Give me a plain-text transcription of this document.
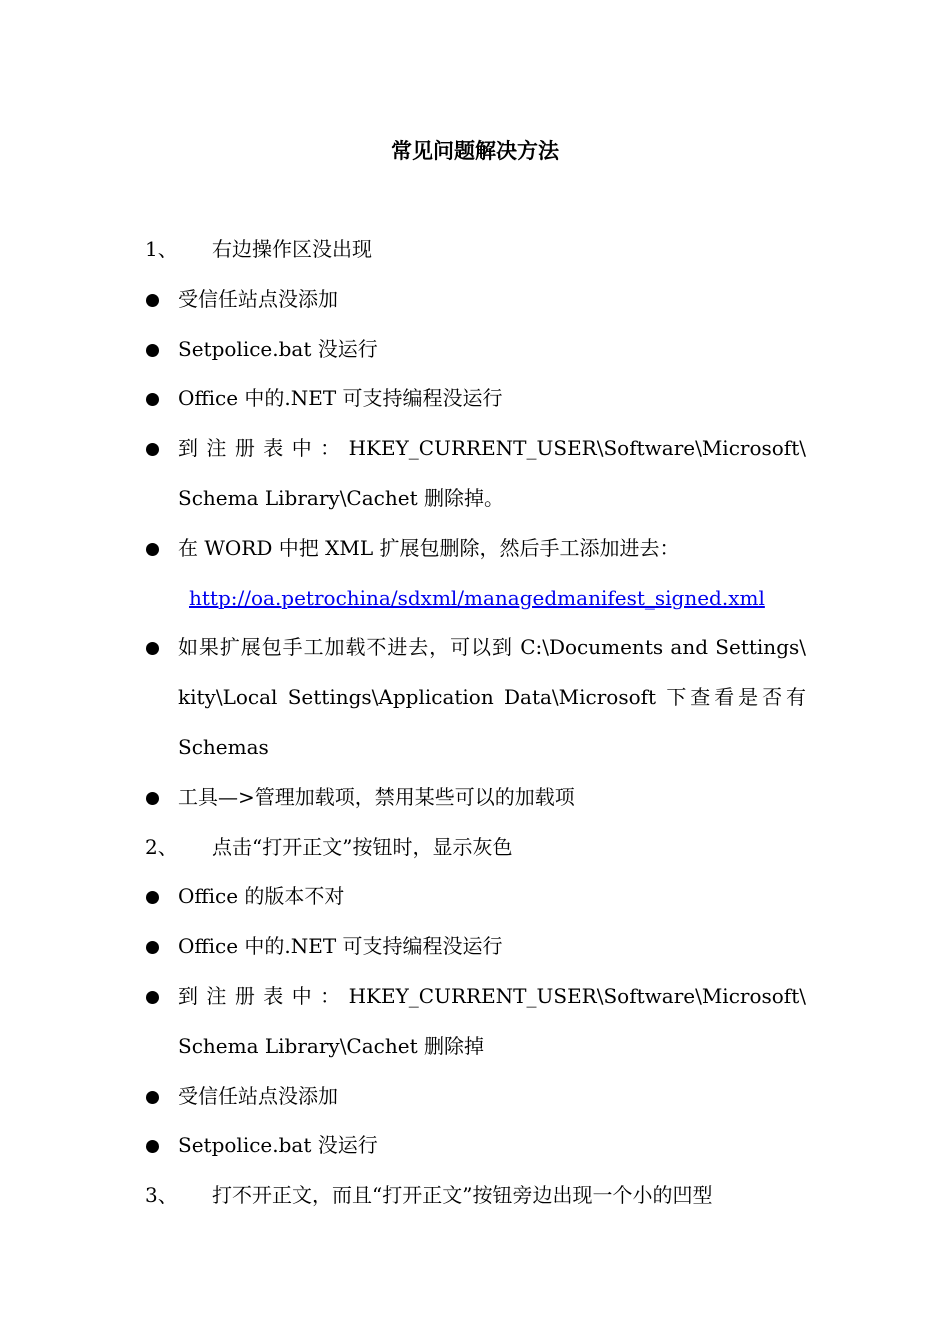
常见问题解决方法
1、 右边操作区没出现
受信任站点没添加
Setpolice.bat 没运行
Office 中的.NET 可支持编程没运行
到 注 册 表 中 ： HKEY_CURRENT_USER\Software\Microsoft\
Schema Library\Cachet 删除掉。
在 WORD 中把 XML 扩展包删除，然后手工添加进去：
http://oa.petrochina/sdxml/managedmanifest_signed.xml
如果扩展包手工加载不进去，可以到 C:\Documents and Settings\
kity\Local Settings\Application Data\Microsoft 下查看是否有
Schemas
工具—>管理加载项，禁用某些可以的加载项
2、 点击“打开正文”按钮时，显示灰色
Office 的版本不对
Office 中的.NET 可支持编程没运行
到 注 册 表 中 ： HKEY_CURRENT_USER\Software\Microsoft\
Schema Library\Cachet 删除掉
受信任站点没添加
Setpolice.bat 没运行
3、 打不开正文，而且“打开正文”按钮旁边出现一个小的凹型
